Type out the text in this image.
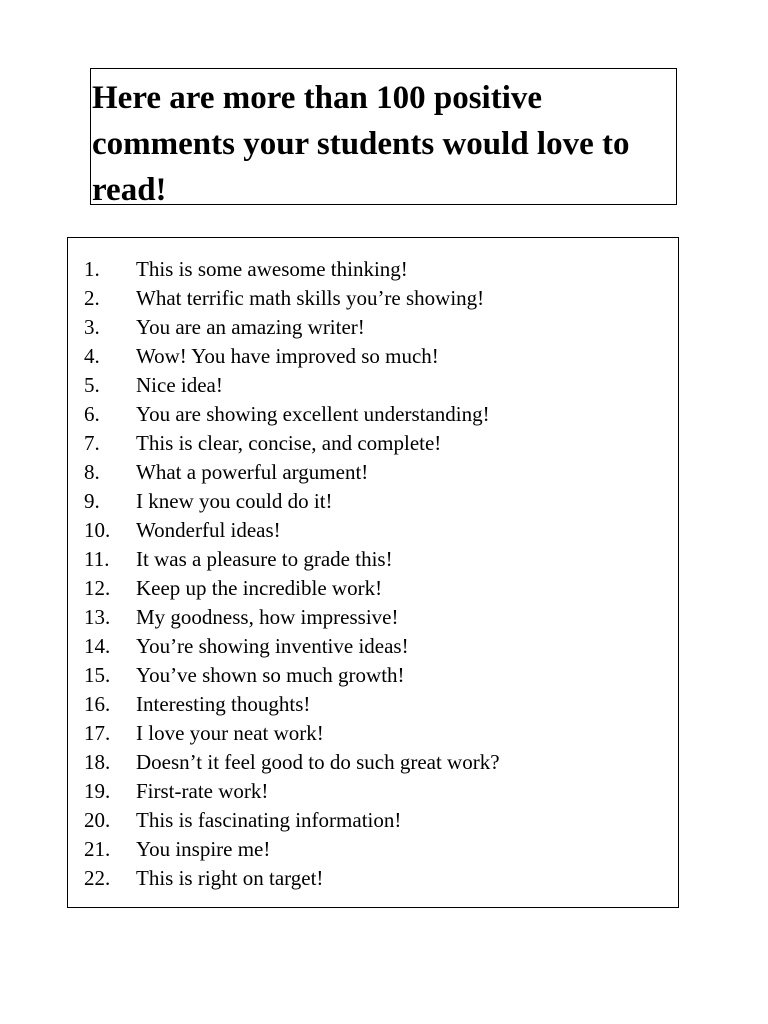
Here are more than 100 positive comments your students would love to read!
1.	This is some awesome thinking!
2.	What terrific math skills you’re showing!
3.	You are an amazing writer!
4.	Wow! You have improved so much!
5.	Nice idea!
6.	You are showing excellent understanding!
7.	This is clear, concise, and complete!
8.	What a powerful argument!
9.	I knew you could do it!
10.	Wonderful ideas!
11.	It was a pleasure to grade this!
12.	Keep up the incredible work!
13.	My goodness, how impressive!
14.	You’re showing inventive ideas!
15.	You’ve shown so much growth!
16.	Interesting thoughts!
17.	I love your neat work!
18.	Doesn’t it feel good to do such great work?
19.	First-rate work!
20.	This is fascinating information!
21.	You inspire me!
22.	This is right on target!
